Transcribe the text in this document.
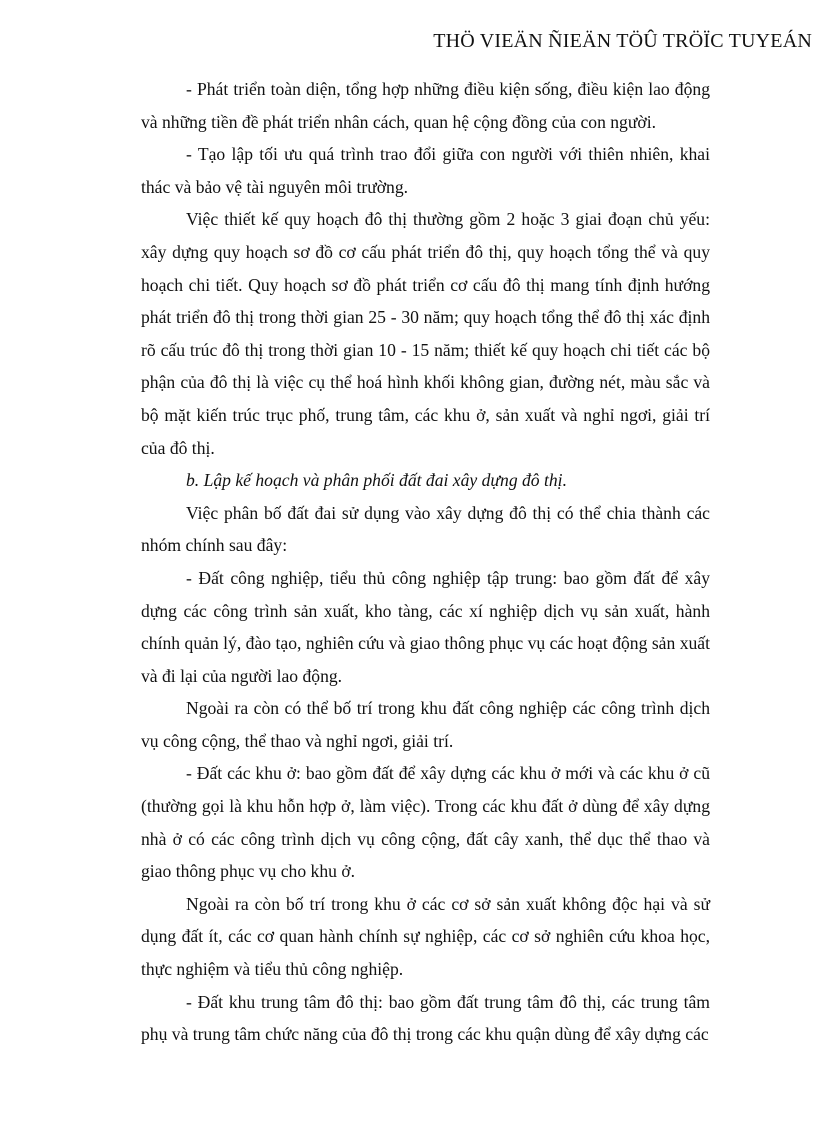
THÖ VIEÄN ÑIEÄN TÖÛ TRÖÏC TUYEÁN

- Phát triển toàn diện, tổng hợp những điều kiện sống, điều kiện lao động và những tiền đề phát triển nhân cách, quan hệ cộng đồng của con người.

- Tạo lập tối ưu quá trình trao đổi giữa con người với thiên nhiên, khai thác và bảo vệ tài nguyên môi trường.

Việc thiết kế quy hoạch đô thị thường gồm 2 hoặc 3 giai đoạn chủ yếu: xây dựng quy hoạch sơ đồ cơ cấu phát triển đô thị, quy hoạch tổng thể và quy hoạch chi tiết. Quy hoạch sơ đồ phát triển cơ cấu đô thị mang tính định hướng phát triển đô thị trong thời gian 25 - 30 năm; quy hoạch tổng thể đô thị xác định rõ cấu trúc đô thị trong thời gian 10 - 15 năm; thiết kế quy hoạch chi tiết các bộ phận của đô thị là việc cụ thể hoá hình khối không gian, đường nét, màu sắc và bộ mặt kiến trúc trục phố, trung tâm, các khu ở, sản xuất và nghỉ ngơi, giải trí của đô thị.

b. Lập kế hoạch và phân phối đất đai xây dựng đô thị.

Việc phân bố đất đai sử dụng vào xây dựng đô thị có thể chia thành các nhóm chính sau đây:

- Đất công nghiệp, tiểu thủ công nghiệp tập trung: bao gồm đất để xây dựng các công trình sản xuất, kho tàng, các xí nghiệp dịch vụ sản xuất, hành chính quản lý, đào tạo, nghiên cứu và giao thông phục vụ các hoạt động sản xuất và đi lại của người lao động.

Ngoài ra còn có thể bố trí trong khu đất công nghiệp các công trình dịch vụ công cộng, thể thao và nghỉ ngơi, giải trí.

- Đất các khu ở: bao gồm đất để xây dựng các khu ở mới và các khu ở cũ (thường gọi là khu hỗn hợp ở, làm việc). Trong các khu đất ở dùng để xây dựng nhà ở có các công trình dịch vụ công cộng, đất cây xanh, thể dục thể thao và giao thông phục vụ cho khu ở.

Ngoài ra còn bố trí trong khu ở các cơ sở sản xuất không độc hại và sử dụng đất ít, các cơ quan hành chính sự nghiệp, các cơ sở nghiên cứu khoa học, thực nghiệm và tiểu thủ công nghiệp.

- Đất khu trung tâm đô thị: bao gồm đất trung tâm đô thị, các trung tâm phụ và trung tâm chức năng của đô thị trong các khu quận dùng để xây dựng các
